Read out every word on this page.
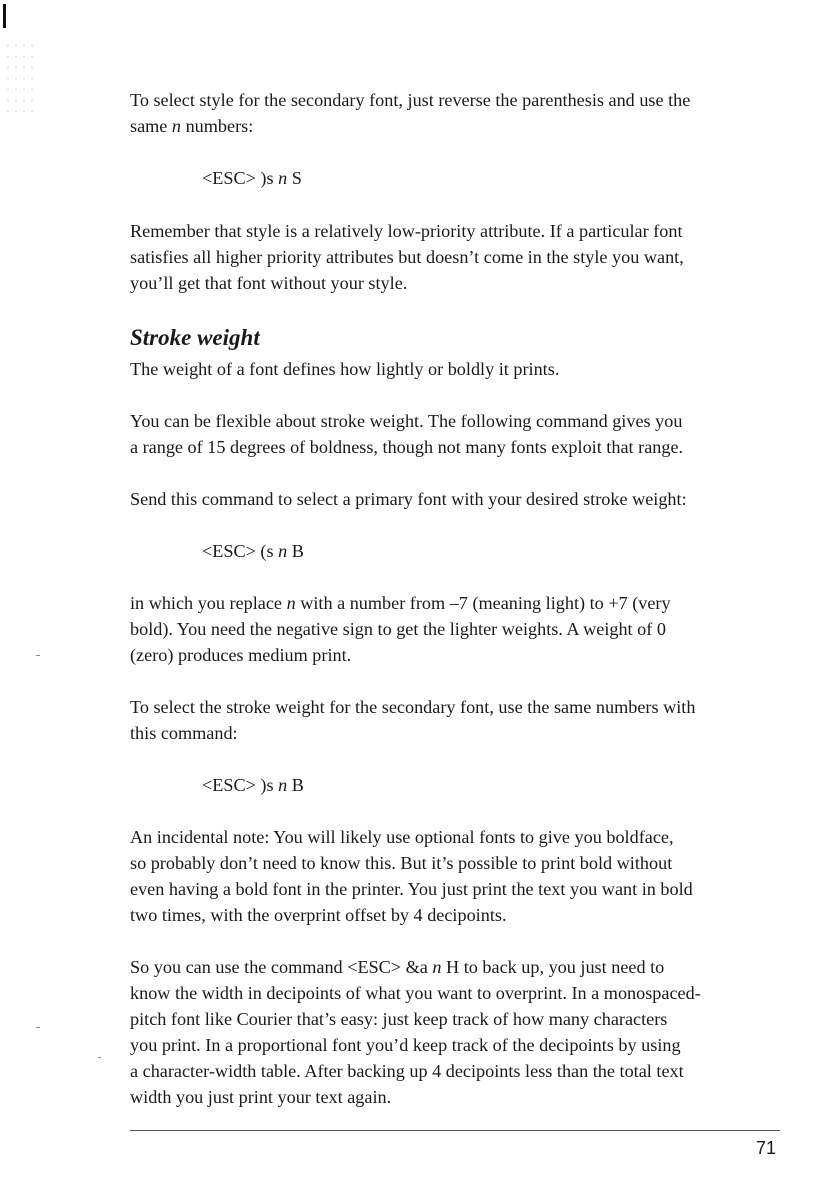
To select style for the secondary font, just reverse the parenthesis and use the
same n numbers:

<ESC> )s n S

Remember that style is a relatively low-priority attribute. If a particular font
satisfies all higher priority attributes but doesn’t come in the style you want,
you’ll get that font without your style.

Stroke weight

The weight of a font defines how lightly or boldly it prints.

You can be flexible about stroke weight. The following command gives you
a range of 15 degrees of boldness, though not many fonts exploit that range.

Send this command to select a primary font with your desired stroke weight:

<ESC> (s n B

in which you replace n with a number from –7 (meaning light) to +7 (very
bold). You need the negative sign to get the lighter weights. A weight of 0
(zero) produces medium print.

To select the stroke weight for the secondary font, use the same numbers with
this command:

<ESC> )s n B

An incidental note: You will likely use optional fonts to give you boldface,
so probably don’t need to know this. But it’s possible to print bold without
even having a bold font in the printer. You just print the text you want in bold
two times, with the overprint offset by 4 decipoints.

So you can use the command <ESC> &a n H to back up, you just need to
know the width in decipoints of what you want to overprint. In a monospaced-
pitch font like Courier that’s easy: just keep track of how many characters
you print. In a proportional font you’d keep track of the decipoints by using
a character-width table. After backing up 4 decipoints less than the total text
width you just print your text again.

71
